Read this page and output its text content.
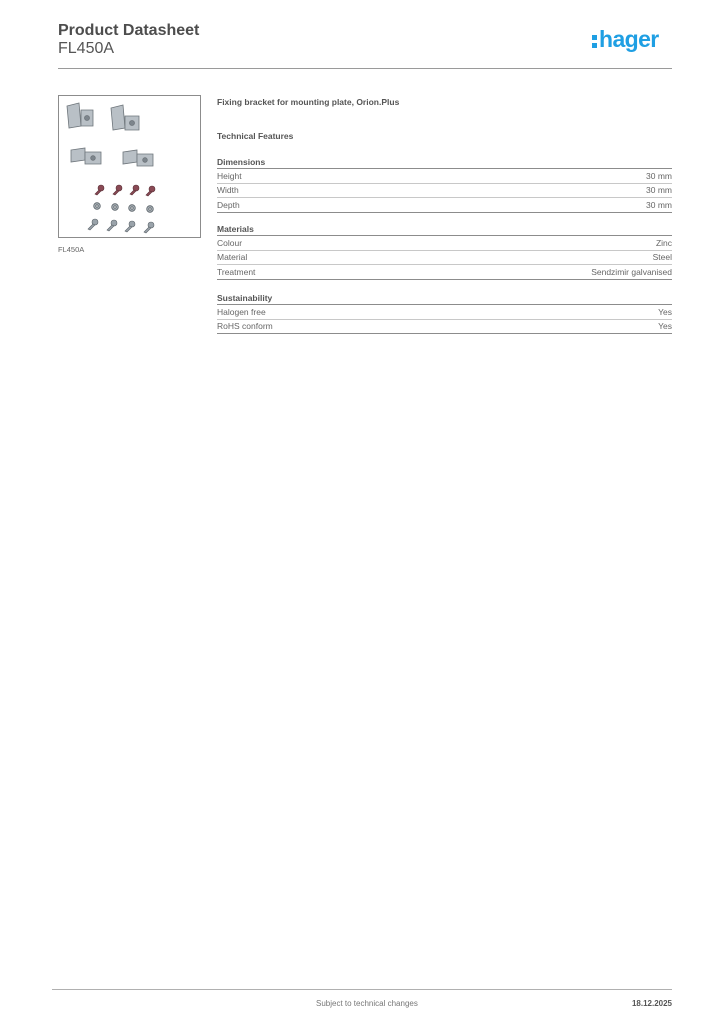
Product Datasheet
FL450A	hager
FL450A
Fixing bracket for mounting plate, Orion.Plus
Technical Features
Dimensions
Height	30 mm
Width	30 mm
Depth	30 mm
Materials
Colour	Zinc
Material	Steel
Treatment	Sendzimir galvanised
Sustainability
Halogen free	Yes
RoHS conform	Yes
Subject to technical changes	18.12.2025
